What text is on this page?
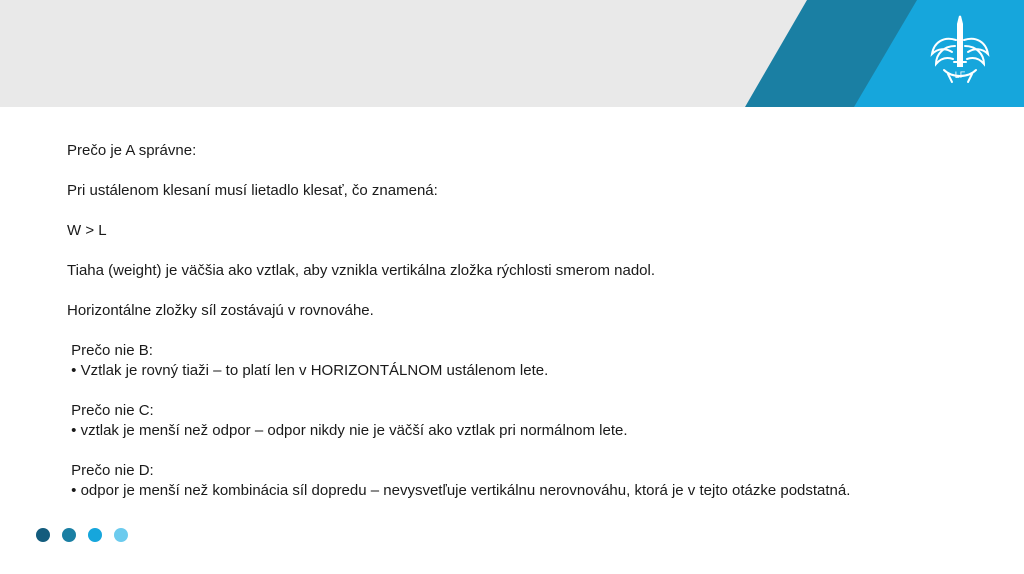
LF

Prečo je A správne:

Pri ustálenom klesaní musí lietadlo klesať, čo znamená:

W > L

Tiaha (weight) je väčšia ako vztlak, aby vznikla vertikálna zložka rýchlosti smerom nadol.

Horizontálne zložky síl zostávajú v rovnováhe.

Prečo nie B:
• Vztlak je rovný tiaži – to platí len v HORIZONTÁLNOM ustálenom lete.
Prečo nie C:
• vztlak je menší než odpor – odpor nikdy nie je väčší ako vztlak pri normálnom lete.
Prečo nie D:
• odpor je menší než kombinácia síl dopredu – nevysvetľuje vertikálnu nerovnováhu, ktorá je v tejto otázke podstatná.
